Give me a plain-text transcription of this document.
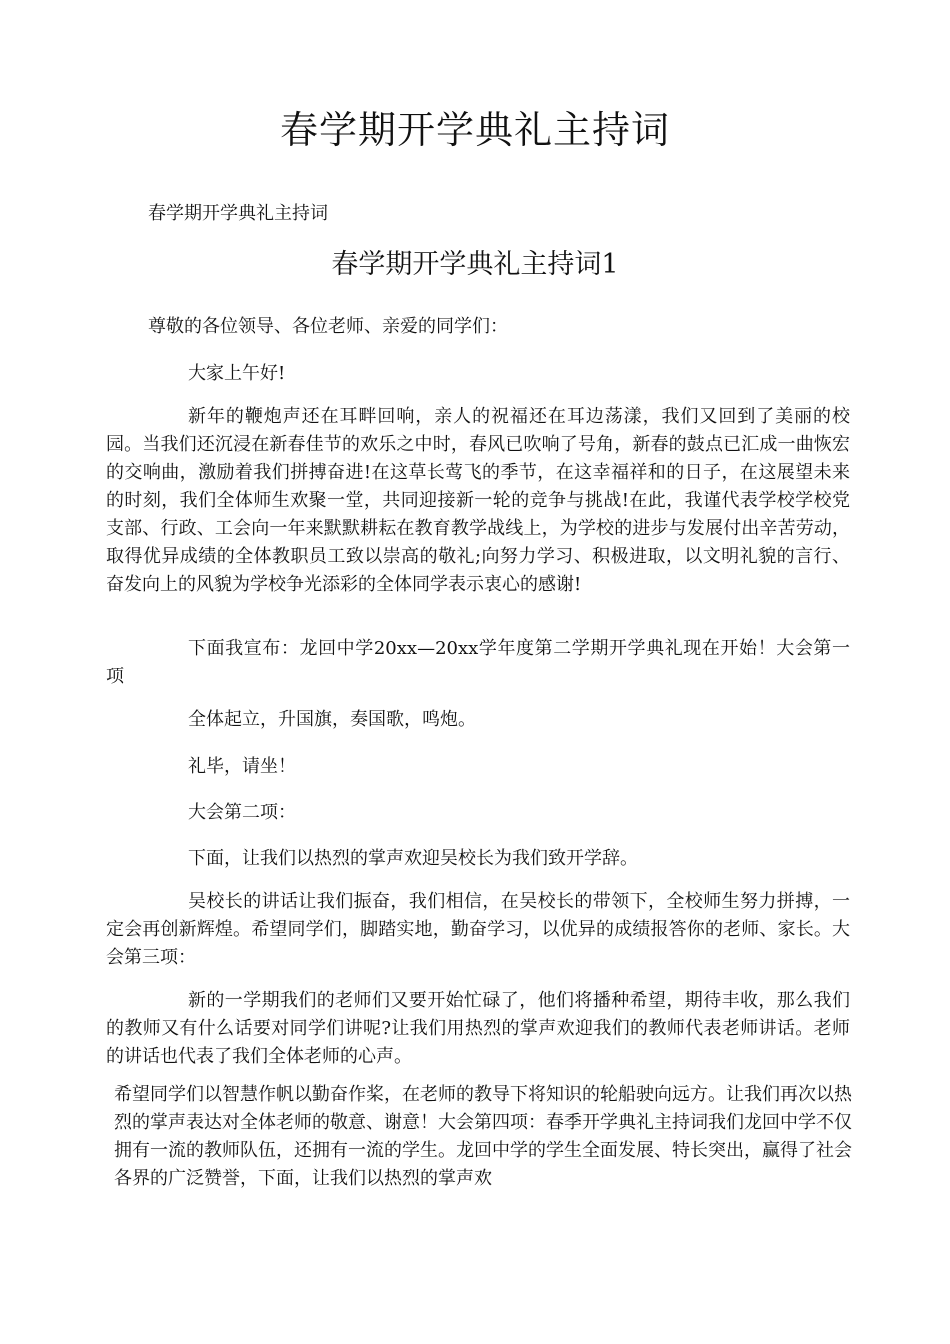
春学期开学典礼主持词

春学期开学典礼主持词

春学期开学典礼主持词1

尊敬的各位领导、各位老师、亲爱的同学们：

大家上午好!

新年的鞭炮声还在耳畔回响，亲人的祝福还在耳边荡漾，我们又回到了美丽的校园。当我们还沉浸在新春佳节的欢乐之中时，春风已吹响了号角，新春的鼓点已汇成一曲恢宏的交响曲，激励着我们拼搏奋进!在这草长莺飞的季节，在这幸福祥和的日子，在这展望未来的时刻，我们全体师生欢聚一堂，共同迎接新一轮的竞争与挑战!在此，我谨代表学校学校党支部、行政、工会向一年来默默耕耘在教育教学战线上，为学校的进步与发展付出辛苦劳动，取得优异成绩的全体教职员工致以崇高的敬礼;向努力学习、积极进取，以文明礼貌的言行、奋发向上的风貌为学校争光添彩的全体同学表示衷心的感谢!

下面我宣布：龙回中学20xx—20xx学年度第二学期开学典礼现在开始！大会第一项

全体起立，升国旗，奏国歌，鸣炮。

礼毕，请坐！

大会第二项：

下面，让我们以热烈的掌声欢迎吴校长为我们致开学辞。

吴校长的讲话让我们振奋，我们相信，在吴校长的带领下，全校师生努力拼搏，一定会再创新辉煌。希望同学们，脚踏实地，勤奋学习，以优异的成绩报答你的老师、家长。大会第三项：

新的一学期我们的老师们又要开始忙碌了，他们将播种希望，期待丰收，那么我们的教师又有什么话要对同学们讲呢?让我们用热烈的掌声欢迎我们的教师代表老师讲话。老师的讲话也代表了我们全体老师的心声。

希望同学们以智慧作帆以勤奋作桨，在老师的教导下将知识的轮船驶向远方。让我们再次以热烈的掌声表达对全体老师的敬意、谢意！大会第四项：春季开学典礼主持词我们龙回中学不仅拥有一流的教师队伍，还拥有一流的学生。龙回中学的学生全面发展、特长突出，赢得了社会各界的广泛赞誉，下面，让我们以热烈的掌声欢
